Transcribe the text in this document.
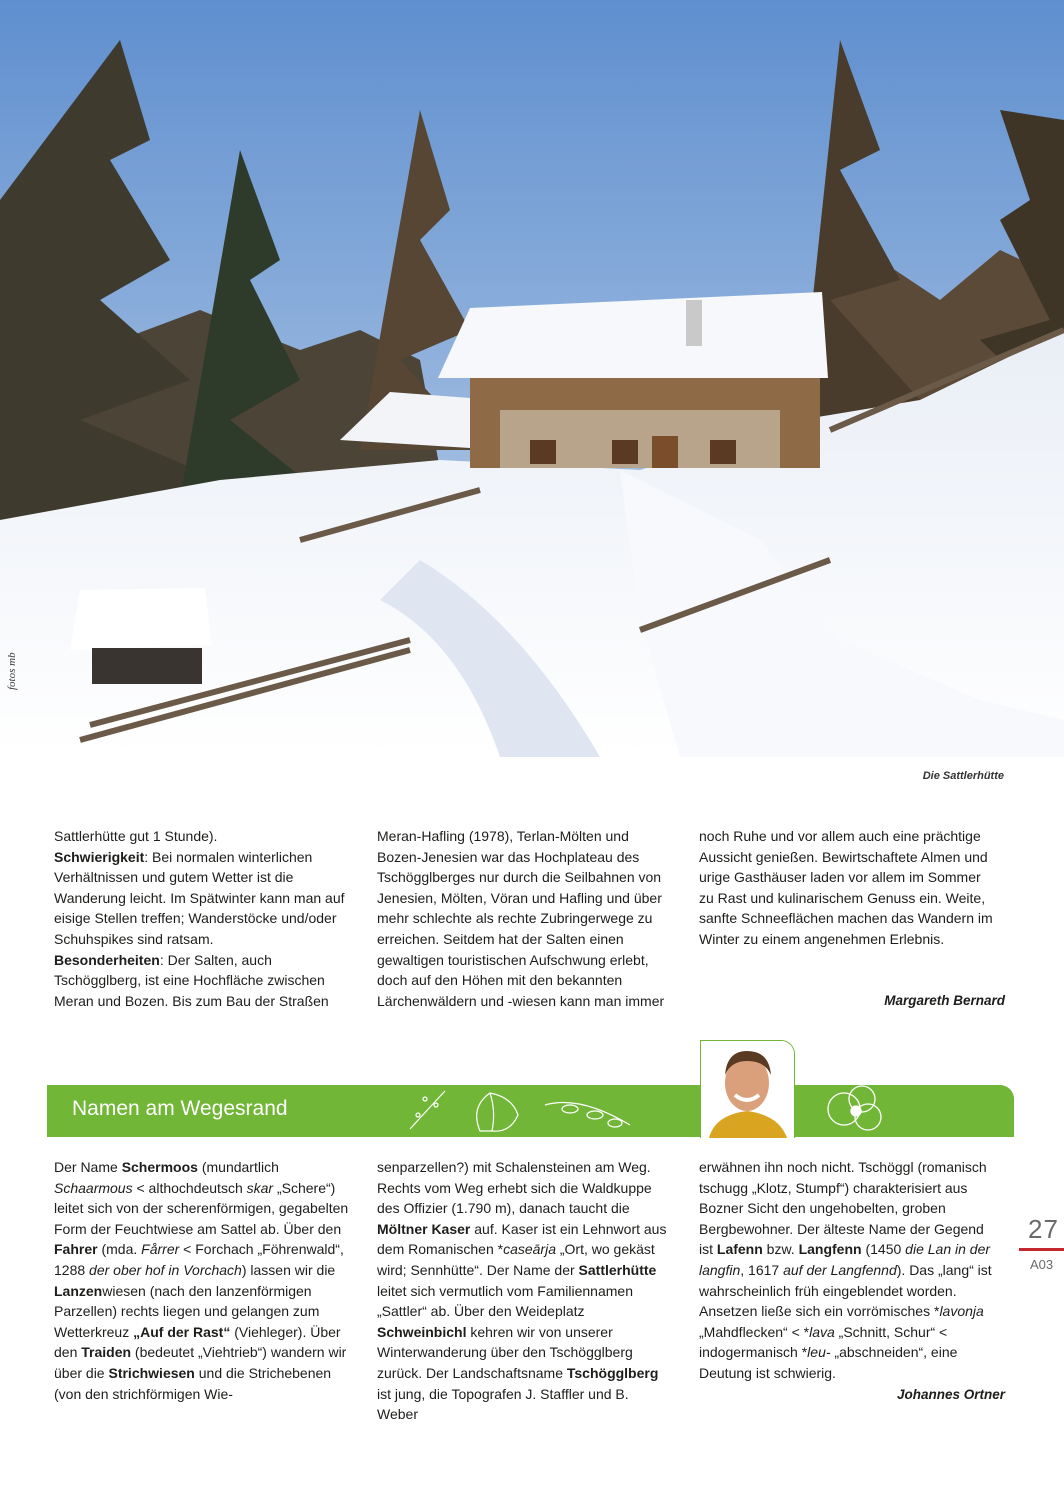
fotos mb
Die Sattlerhütte

Sattlerhütte gut 1 Stunde).

Schwierigkeit: Bei normalen winterlichen Verhältnissen und gutem Wetter ist die Wanderung leicht. Im Spätwinter kann man auf eisige Stellen treffen; Wanderstöcke und/oder Schuhspikes sind ratsam.

Besonderheiten: Der Salten, auch Tschögglberg, ist eine Hochfläche zwischen Meran und Bozen. Bis zum Bau der Straßen

Meran-Hafling (1978), Terlan-Mölten und Bozen-Jenesien war das Hochplateau des Tschögglberges nur durch die Seilbahnen von Jenesien, Mölten, Vöran und Hafling und über mehr schlechte als rechte Zubringerwege zu erreichen. Seitdem hat der Salten einen gewaltigen touristischen Aufschwung erlebt, doch auf den Höhen mit den bekannten Lärchenwäldern und -wiesen kann man immer
noch Ruhe und vor allem auch eine prächtige Aussicht genießen. Bewirtschaftete Almen und urige Gasthäuser laden vor allem im Sommer zu Rast und kulinarischem Genuss ein. Weite, sanfte Schneeflächen machen das Wandern im Winter zu einem angenehmen Erlebnis.
Margareth Bernard
Namen am Wegesrand
Der Name Schermoos (mundartlich Schaarmous < althochdeutsch skar „Schere“) leitet sich von der scherenförmigen, gegabelten Form der Feuchtwiese am Sattel ab. Über den Fahrer (mda. Fårrer < Forchach „Föhrenwald“, 1288 der ober hof in Vorchach) lassen wir die Lanzenwiesen (nach den lanzenförmigen Parzellen) rechts liegen und gelangen zum Wetterkreuz „Auf der Rast“ (Viehleger). Über den Traiden (bedeutet „Viehtrieb“) wandern wir über die Strichwiesen und die Strichebenen (von den strichförmigen Wie-
senparzellen?) mit Schalensteinen am Weg. Rechts vom Weg erhebt sich die Waldkuppe des Offizier (1.790 m), danach taucht die Möltner Kaser auf. Kaser ist ein Lehnwort aus dem Romanischen *caseārja „Ort, wo gekäst wird; Sennhütte“. Der Name der Sattlerhütte leitet sich vermutlich vom Familiennamen „Sattler“ ab. Über den Weideplatz Schweinbichl kehren wir von unserer Winterwanderung über den Tschögglberg zurück. Der Landschaftsname Tschögglberg ist jung, die Topografen J. Staffler und B. Weber
erwähnen ihn noch nicht. Tschöggl (romanisch tschugg „Klotz, Stumpf“) charakterisiert aus Bozner Sicht den ungehobelten, groben Bergbewohner. Der älteste Name der Gegend ist Lafenn bzw. Langfenn (1450 die Lan in der langfin, 1617 auf der Langfennd). Das „lang“ ist wahrscheinlich früh eingeblendet worden. Ansetzen ließe sich ein vorrömisches *lavonja „Mahdflecken“ < *lava „Schnitt, Schur“ < indogermanisch *leu- „abschneiden“, eine Deutung ist schwierig.
Johannes Ortner
27
A03
